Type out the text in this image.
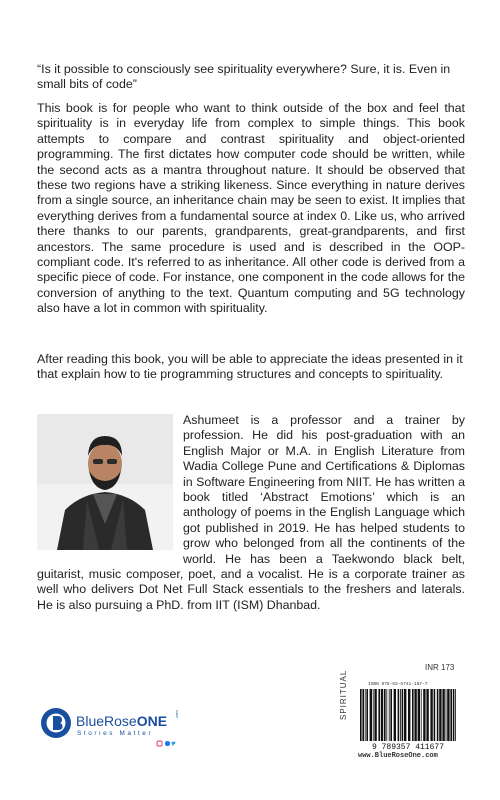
“Is it possible to consciously see spirituality everywhere? Sure, it is. Even in small bits of code”

This book is for people who want to think outside of the box and feel that spirituality is in everyday life from complex to simple things. This book attempts to compare and contrast spirituality and object-oriented programming. The first dictates how computer code should be written, while the second acts as a mantra throughout nature. It should be observed that these two regions have a striking likeness. Since everything in nature derives from a single source, an inheritance chain may be seen to exist. It implies that everything derives from a fundamental source at index 0. Like us, who arrived there thanks to our parents, grandparents, great-grandparents, and first ancestors. The same procedure is used and is described in the OOP-compliant code. It's referred to as inheritance. All other code is derived from a specific piece of code. For instance, one component in the code allows for the conversion of anything to the text. Quantum computing and 5G technology also have a lot in common with spirituality.

After reading this book, you will be able to appreciate the ideas presented in it that explain how to tie programming structures and concepts to spirituality.

Ashumeet is a professor and a trainer by profession. He did his post-graduation with an English Major or M.A. in English Literature from Wadia College Pune and Certifications & Diplomas in Software Engineering from NIIT. He has written a book titled ‘Abstract Emotions’ which is an anthology of poems in the English Language which got published in 2019. He has helped students to grow who belonged from all the continents of the world. He has been a Taekwondo black belt, guitarist, music composer, poet, and a vocalist. He is a corporate trainer as well who delivers Dot Net Full Stack essentials to the freshers and laterals. He is also pursuing a PhD. from IIT (ISM) Dhanbad.
BlueRoseONE .com
Stories Matter
INR 173
SPIRITUAL	ISBN 978-93-5741-167-7
9 789357 411677
www.BlueRoseOne.com
